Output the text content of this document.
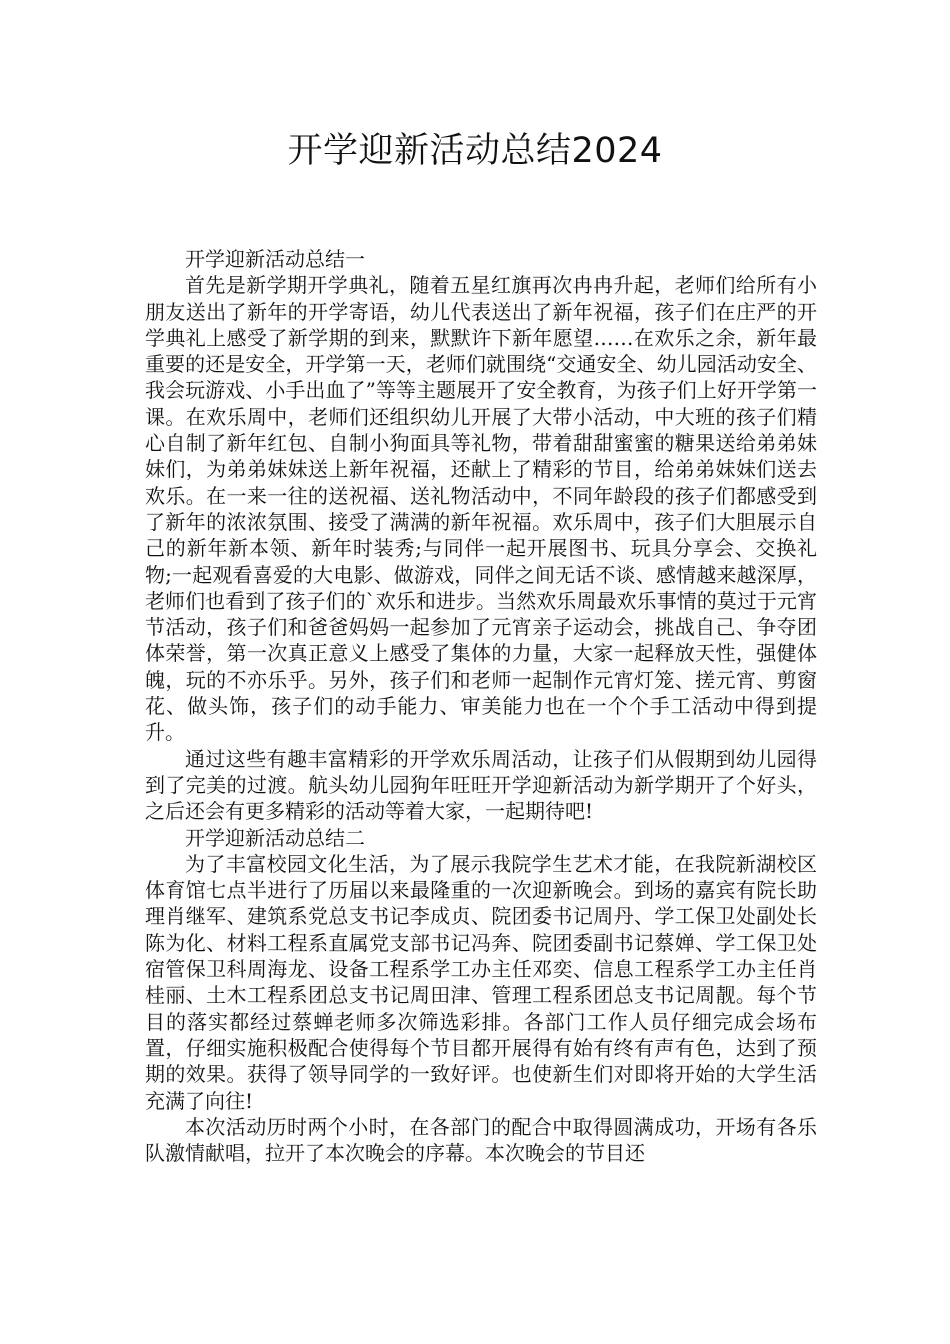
开学迎新活动总结2024

开学迎新活动总结一

首先是新学期开学典礼，随着五星红旗再次冉冉升起，老师们给所有小朋友送出了新年的开学寄语，幼儿代表送出了新年祝福，孩子们在庄严的开学典礼上感受了新学期的到来，默默许下新年愿望……在欢乐之余，新年最重要的还是安全，开学第一天，老师们就围绕“交通安全、幼儿园活动安全、我会玩游戏、小手出血了”等等主题展开了安全教育，为孩子们上好开学第一课。在欢乐周中，老师们还组织幼儿开展了大带小活动，中大班的孩子们精心自制了新年红包、自制小狗面具等礼物，带着甜甜蜜蜜的糖果送给弟弟妹妹们，为弟弟妹妹送上新年祝福，还献上了精彩的节目，给弟弟妹妹们送去欢乐。在一来一往的送祝福、送礼物活动中，不同年龄段的孩子们都感受到了新年的浓浓氛围、接受了满满的新年祝福。欢乐周中，孩子们大胆展示自己的新年新本领、新年时装秀;与同伴一起开展图书、玩具分享会、交换礼物;一起观看喜爱的大电影、做游戏，同伴之间无话不谈、感情越来越深厚，老师们也看到了孩子们的`欢乐和进步。当然欢乐周最欢乐事情的莫过于元宵节活动，孩子们和爸爸妈妈一起参加了元宵亲子运动会，挑战自己、争夺团体荣誉，第一次真正意义上感受了集体的力量，大家一起释放天性，强健体魄，玩的不亦乐乎。另外，孩子们和老师一起制作元宵灯笼、搓元宵、剪窗花、做头饰，孩子们的动手能力、审美能力也在一个个手工活动中得到提升。

通过这些有趣丰富精彩的开学欢乐周活动，让孩子们从假期到幼儿园得到了完美的过渡。航头幼儿园狗年旺旺开学迎新活动为新学期开了个好头，之后还会有更多精彩的活动等着大家，一起期待吧!

开学迎新活动总结二

为了丰富校园文化生活，为了展示我院学生艺术才能，在我院新湖校区体育馆七点半进行了历届以来最隆重的一次迎新晚会。到场的嘉宾有院长助理肖继军、建筑系党总支书记李成贞、院团委书记周丹、学工保卫处副处长陈为化、材料工程系直属党支部书记冯奔、院团委副书记蔡婵、学工保卫处宿管保卫科周海龙、设备工程系学工办主任邓奕、信息工程系学工办主任肖桂丽、土木工程系团总支书记周田津、管理工程系团总支书记周靓。每个节目的落实都经过蔡蝉老师多次筛选彩排。各部门工作人员仔细完成会场布置，仔细实施积极配合使得每个节目都开展得有始有终有声有色，达到了预期的效果。获得了领导同学的一致好评。也使新生们对即将开始的大学生活充满了向往!

本次活动历时两个小时，在各部门的配合中取得圆满成功，开场有各乐队激情献唱，拉开了本次晚会的序幕。本次晚会的节目还
